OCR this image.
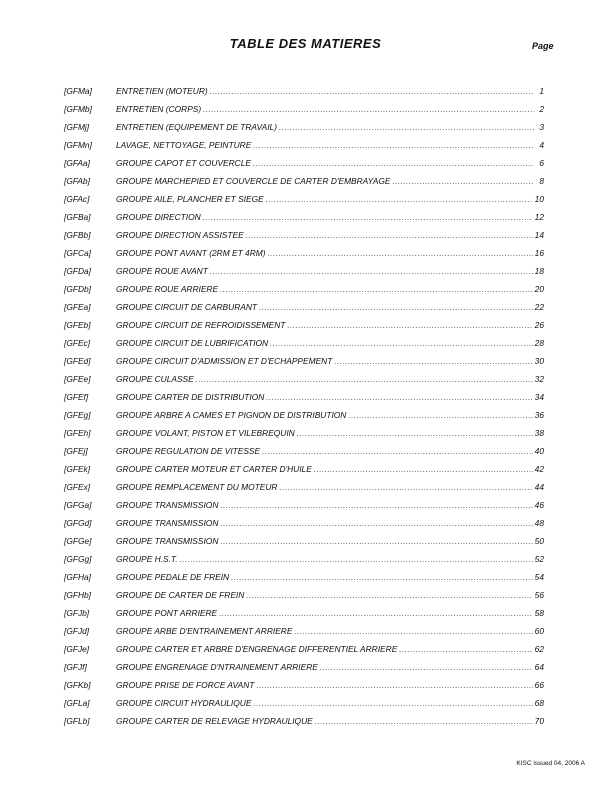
TABLE DES MATIERES	Page
[GFMa]	ENTRETIEN (MOTEUR) .....	1
[GFMb]	ENTRETIEN (CORPS) .....	2
[GFMj]	ENTRETIEN (EQUIPEMENT DE TRAVAIL) .....	3
[GFMn]	LAVAGE, NETTOYAGE, PEINTURE .....	4
[GFAa]	GROUPE CAPOT ET COUVERCLE .....	6
[GFAb]	GROUPE MARCHEPIED ET COUVERCLE DE CARTER D'EMBRAYAGE .....	8
[GFAc]	GROUPE AILE, PLANCHER ET SIEGE .....	10
[GFBa]	GROUPE DIRECTION .....	12
[GFBb]	GROUPE DIRECTION ASSISTEE .....	14
[GFCa]	GROUPE PONT AVANT (2RM ET 4RM) .....	16
[GFDa]	GROUPE ROUE AVANT .....	18
[GFDb]	GROUPE ROUE ARRIERE .....	20
[GFEa]	GROUPE CIRCUIT DE CARBURANT .....	22
[GFEb]	GROUPE CIRCUIT DE REFROIDISSEMENT .....	26
[GFEc]	GROUPE CIRCUIT DE LUBRIFICATION .....	28
[GFEd]	GROUPE CIRCUIT D'ADMISSION ET D'ECHAPPEMENT .....	30
[GFEe]	GROUPE CULASSE .....	32
[GFEf]	GROUPE CARTER DE DISTRIBUTION .....	34
[GFEg]	GROUPE ARBRE A CAMES ET PIGNON DE DISTRIBUTION .....	36
[GFEh]	GROUPE VOLANT, PISTON ET VILEBREQUIN .....	38
[GFEj]	GROUPE REGULATION DE VITESSE .....	40
[GFEk]	GROUPE CARTER MOTEUR ET CARTER D'HUILE .....	42
[GFEx]	GROUPE REMPLACEMENT DU MOTEUR .....	44
[GFGa]	GROUPE TRANSMISSION .....	46
[GFGd]	GROUPE TRANSMISSION .....	48
[GFGe]	GROUPE TRANSMISSION .....	50
[GFGg]	GROUPE H.S.T. .....	52
[GFHa]	GROUPE PEDALE DE FREIN .....	54
[GFHb]	GROUPE DE CARTER DE FREIN .....	56
[GFJb]	GROUPE PONT ARRIERE .....	58
[GFJd]	GROUPE ARBE D'ENTRAINEMENT ARRIERE .....	60
[GFJe]	GROUPE CARTER ET ARBRE D'ENGRENAGE DIFFERENTIEL ARRIERE .....	62
[GFJf]	GROUPE ENGRENAGE D'NTRAINEMENT ARRIERE .....	64
[GFKb]	GROUPE PRISE DE FORCE AVANT .....	66
[GFLa]	GROUPE CIRCUIT HYDRAULIQUE .....	68
[GFLb]	GROUPE CARTER DE RELEVAGE HYDRAULIQUE .....	70
KISC issued 04, 2006 A
